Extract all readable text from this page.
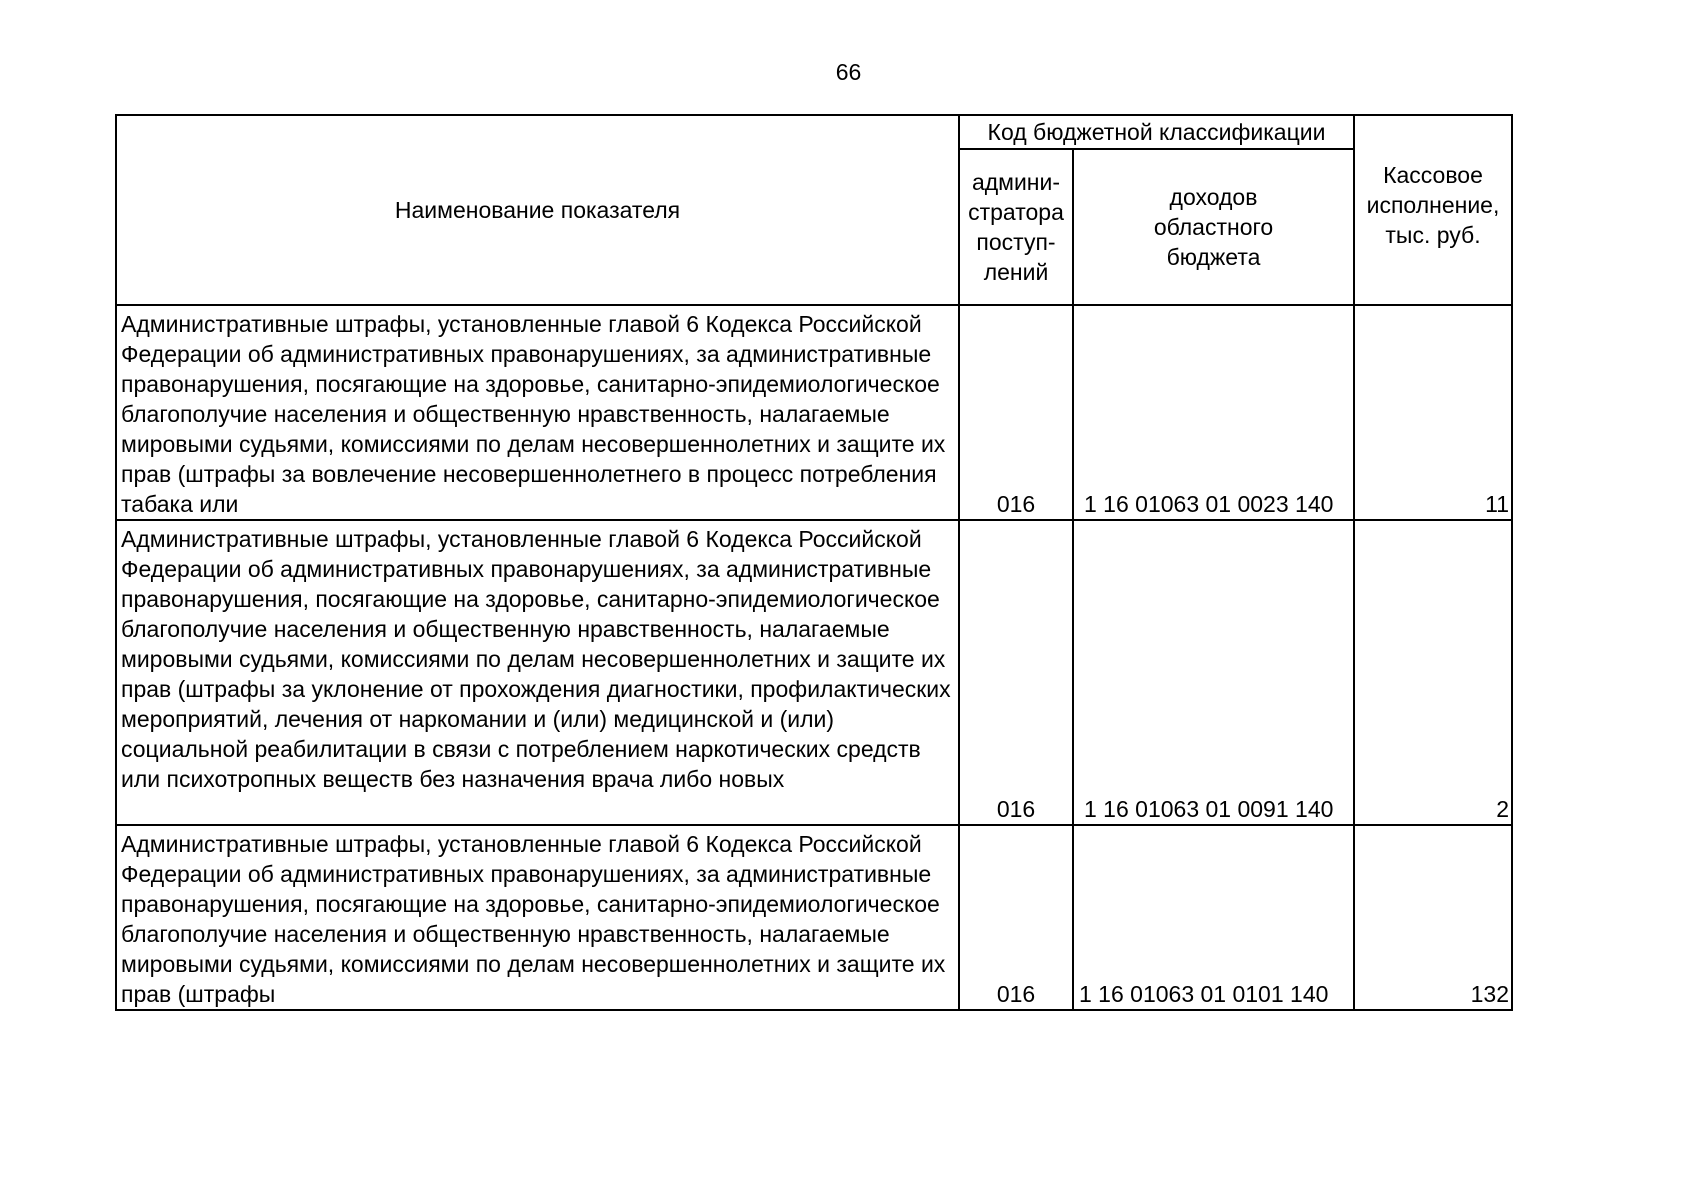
66
Наименование показателя	Код бюджетной классификации		Кассовое
исполнение,
тыс. руб.
	админи-
стратора
поступ-
лений	доходов
областного
бюджета	

Административные штрафы, установленные главой 6 Кодекса Российской Федерации об административных правонарушениях, за административные правонарушения, посягающие на здоровье, санитарно-эпидемиологическое благополучие населения и общественную нравственность, налагаемые мировыми судьями, комиссиями по делам несовершеннолетних и защите их прав (штрафы за вовлечение несовершеннолетнего в процесс потребления табака или	016	1 16 01063 01 0023 140	11

Административные штрафы, установленные главой 6 Кодекса Российской Федерации об административных правонарушениях, за административные правонарушения, посягающие на здоровье, санитарно-эпидемиологическое благополучие населения и общественную нравственность, налагаемые мировыми судьями, комиссиями по делам несовершеннолетних и защите их прав (штрафы за уклонение от прохождения диагностики, профилактических мероприятий, лечения от наркомании и (или) медицинской и (или) социальной реабилитации в связи с потреблением наркотических средств или психотропных веществ без назначения врача либо новых	016	1 16 01063 01 0091 140	2

Административные штрафы, установленные главой 6 Кодекса Российской Федерации об административных правонарушениях, за административные правонарушения, посягающие на здоровье, санитарно-эпидемиологическое благополучие населения и общественную нравственность, налагаемые мировыми судьями, комиссиями по делам несовершеннолетних и защите их прав (штрафы	016	1 16 01063 01 0101 140	132
